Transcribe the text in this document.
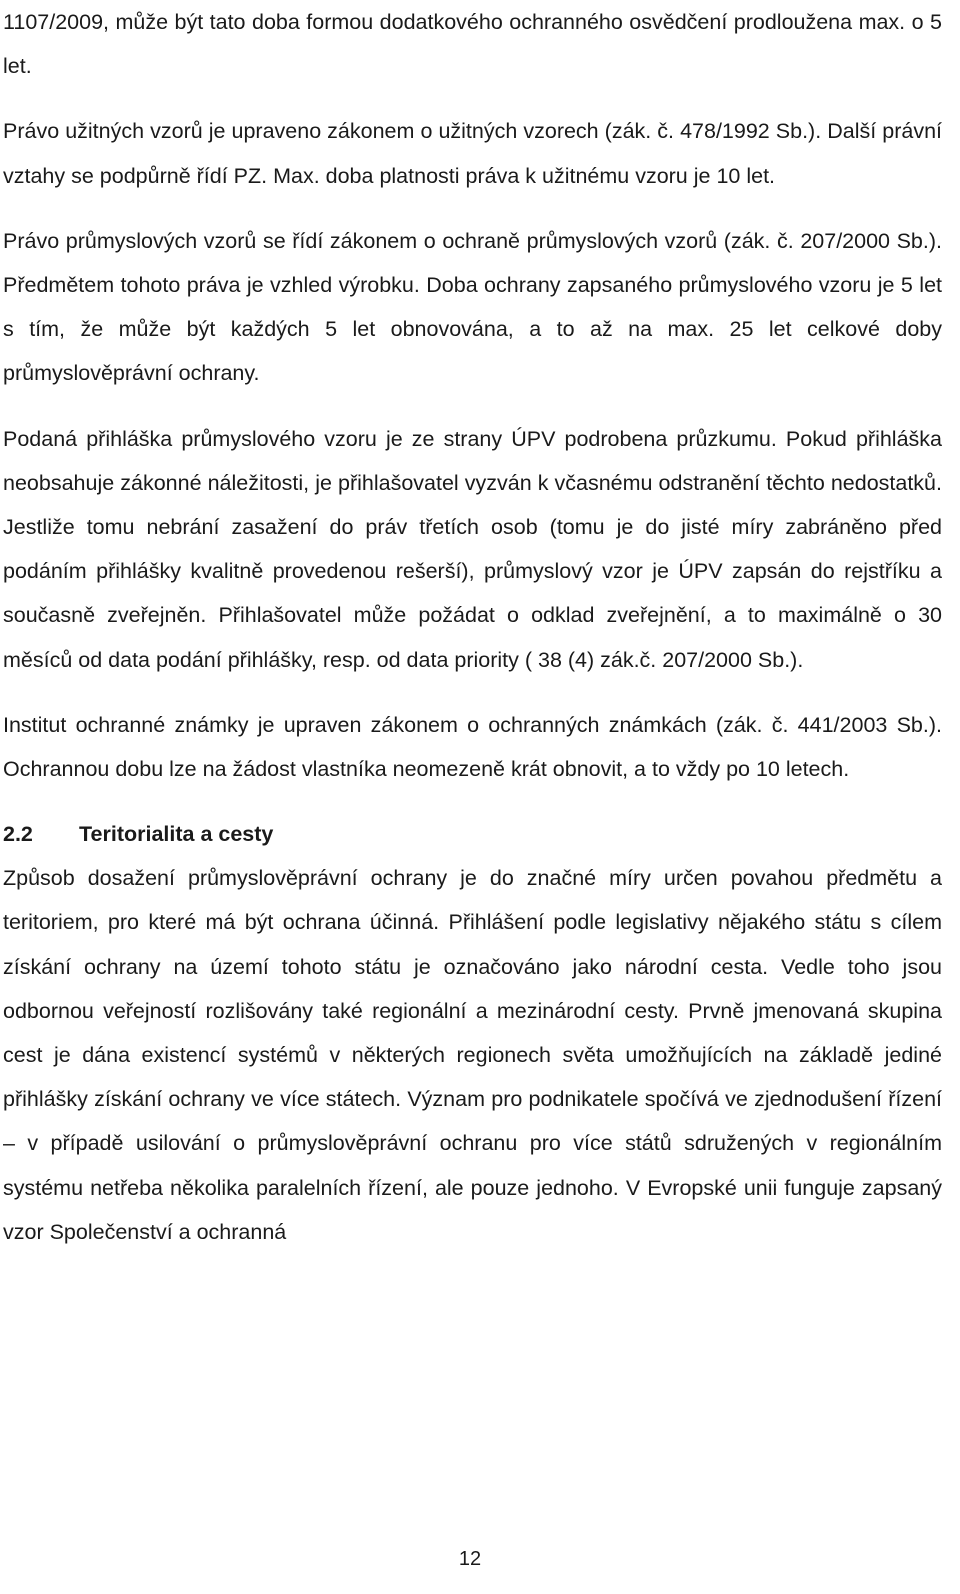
1107/2009, může být tato doba formou dodatkového ochranného osvědčení prodloužena max. o 5 let.

Právo užitných vzorů je upraveno zákonem o užitných vzorech (zák. č. 478/1992 Sb.). Další právní vztahy se podpůrně řídí PZ. Max. doba platnosti práva k užitnému vzoru je 10 let.

Právo průmyslových vzorů se řídí zákonem o ochraně průmyslových vzorů (zák. č. 207/2000 Sb.). Předmětem tohoto práva je vzhled výrobku. Doba ochrany zapsaného průmyslového vzoru je 5 let s tím, že může být každých 5 let obnovována, a to až na max. 25 let celkové doby průmyslověprávní ochrany.

Podaná přihláška průmyslového vzoru je ze strany ÚPV podrobena průzkumu. Pokud přihláška neobsahuje zákonné náležitosti, je přihlašovatel vyzván k včasnému odstranění těchto nedostatků. Jestliže tomu nebrání zasažení do práv třetích osob (tomu je do jisté míry zabráněno před podáním přihlášky kvalitně provedenou rešerší), průmyslový vzor je ÚPV zapsán do rejstříku a současně zveřejněn. Přihlašovatel může požádat o odklad zveřejnění, a to maximálně o 30 měsíců od data podání přihlášky, resp. od data priority ( 38 (4) zák.č. 207/2000 Sb.).

Institut ochranné známky je upraven zákonem o ochranných známkách (zák. č. 441/2003 Sb.). Ochrannou dobu lze na žádost vlastníka neomezeně krát obnovit, a to vždy po 10 letech.

2.2 Teritorialita a cesty

Způsob dosažení průmyslověprávní ochrany je do značné míry určen povahou předmětu a teritoriem, pro které má být ochrana účinná. Přihlášení podle legislativy nějakého státu s cílem získání ochrany na území tohoto státu je označováno jako národní cesta. Vedle toho jsou odbornou veřejností rozlišovány také regionální a mezinárodní cesty. Prvně jmenovaná skupina cest je dána existencí systémů v některých regionech světa umožňujících na základě jediné přihlášky získání ochrany ve více státech. Význam pro podnikatele spočívá ve zjednodušení řízení – v případě usilování o průmyslověprávní ochranu pro více států sdružených v regionálním systému netřeba několika paralelních řízení, ale pouze jednoho. V Evropské unii funguje zapsaný vzor Společenství a ochranná

12
